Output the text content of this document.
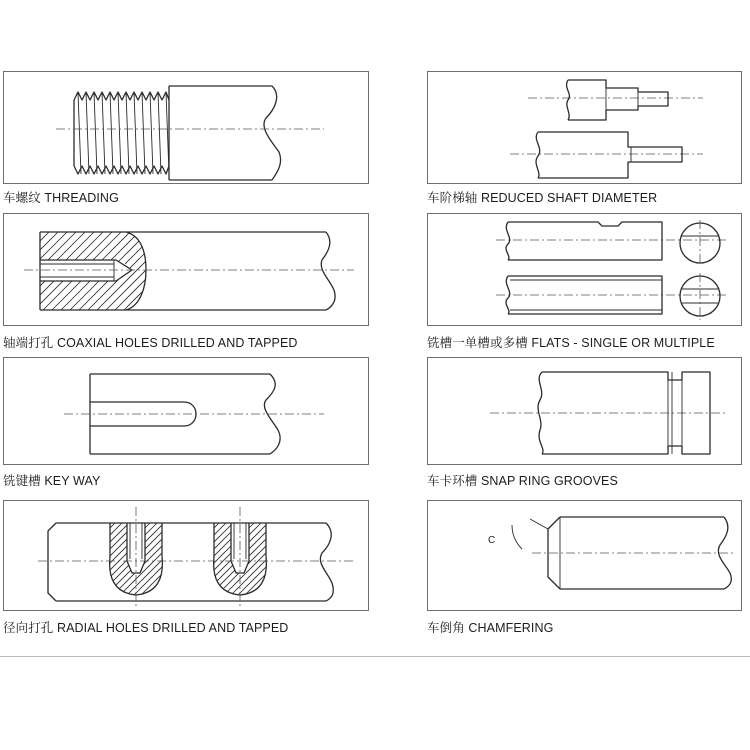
车螺纹 THREADING	车阶梯轴 REDUCED SHAFT DIAMETER
轴端打孔 COAXIAL HOLES DRILLED AND TAPPED	铣槽一单槽或多槽 FLATS - SINGLE OR MULTIPLE
铣键槽 KEY WAY	车卡环槽 SNAP RING GROOVES
径向打孔 RADIAL HOLES DRILLED AND TAPPED
C
车倒角 CHAMFERING
